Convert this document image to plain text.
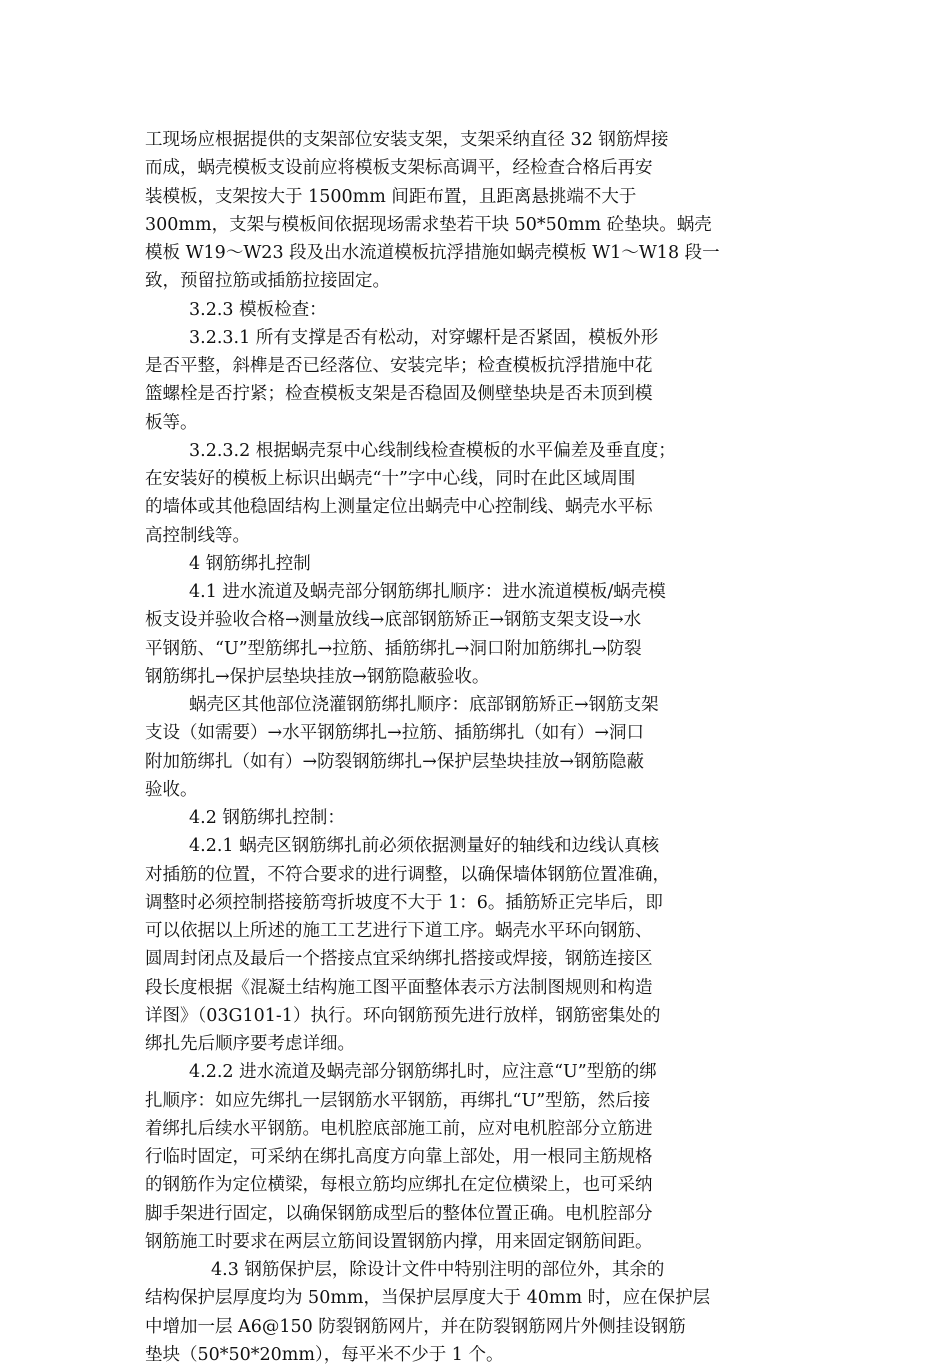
工现场应根据提供的支架部位安装支架，支架采纳直径 32 钢筋焊接
而成，蜗壳模板支设前应将模板支架标高调平，经检查合格后再安
装模板，支架按大于 1500mm 间距布置，且距离悬挑端不大于
300mm，支架与模板间依据现场需求垫若干块 50*50mm 砼垫块。蜗壳
模板 W19～W23 段及出水流道模板抗浮措施如蜗壳模板 W1～W18 段一
致，预留拉筋或插筋拉接固定。
3.2.3 模板检查：
3.2.3.1 所有支撑是否有松动，对穿螺杆是否紧固，模板外形
是否平整，斜榫是否已经落位、安装完毕；检查模板抗浮措施中花
篮螺栓是否拧紧；检查模板支架是否稳固及侧壁垫块是否未顶到模
板等。
3.2.3.2 根据蜗壳泵中心线制线检查模板的水平偏差及垂直度；
在安装好的模板上标识出蜗壳“十”字中心线，同时在此区域周围
的墙体或其他稳固结构上测量定位出蜗壳中心控制线、蜗壳水平标
高控制线等。
4 钢筋绑扎控制
4.1 进水流道及蜗壳部分钢筋绑扎顺序：进水流道模板/蜗壳模
板支设并验收合格→测量放线→底部钢筋矫正→钢筋支架支设→水
平钢筋、“U”型筋绑扎→拉筋、插筋绑扎→洞口附加筋绑扎→防裂
钢筋绑扎→保护层垫块挂放→钢筋隐蔽验收。
蜗壳区其他部位浇灌钢筋绑扎顺序：底部钢筋矫正→钢筋支架
支设（如需要）→水平钢筋绑扎→拉筋、插筋绑扎（如有）→洞口
附加筋绑扎（如有）→防裂钢筋绑扎→保护层垫块挂放→钢筋隐蔽
验收。
4.2 钢筋绑扎控制：
4.2.1 蜗壳区钢筋绑扎前必须依据测量好的轴线和边线认真核
对插筋的位置，不符合要求的进行调整，以确保墙体钢筋位置准确，
调整时必须控制搭接筋弯折坡度不大于 1：6。插筋矫正完毕后，即
可以依据以上所述的施工工艺进行下道工序。蜗壳水平环向钢筋、
圆周封闭点及最后一个搭接点宜采纳绑扎搭接或焊接，钢筋连接区
段长度根据《混凝土结构施工图平面整体表示方法制图规则和构造
详图》（03G101-1）执行。环向钢筋预先进行放样，钢筋密集处的
绑扎先后顺序要考虑详细。
4.2.2 进水流道及蜗壳部分钢筋绑扎时，应注意“U”型筋的绑
扎顺序：如应先绑扎一层钢筋水平钢筋，再绑扎“U”型筋，然后接
着绑扎后续水平钢筋。电机腔底部施工前，应对电机腔部分立筋进
行临时固定，可采纳在绑扎高度方向靠上部处，用一根同主筋规格
的钢筋作为定位横梁，每根立筋均应绑扎在定位横梁上，也可采纳
脚手架进行固定，以确保钢筋成型后的整体位置正确。电机腔部分
钢筋施工时要求在两层立筋间设置钢筋内撑，用来固定钢筋间距。
4.3 钢筋保护层，除设计文件中特别注明的部位外，其余的
结构保护层厚度均为 50mm，当保护层厚度大于 40mm 时，应在保护层
中增加一层 A6@150 防裂钢筋网片，并在防裂钢筋网片外侧挂设钢筋
垫块（50*50*20mm），每平米不少于 1 个。
